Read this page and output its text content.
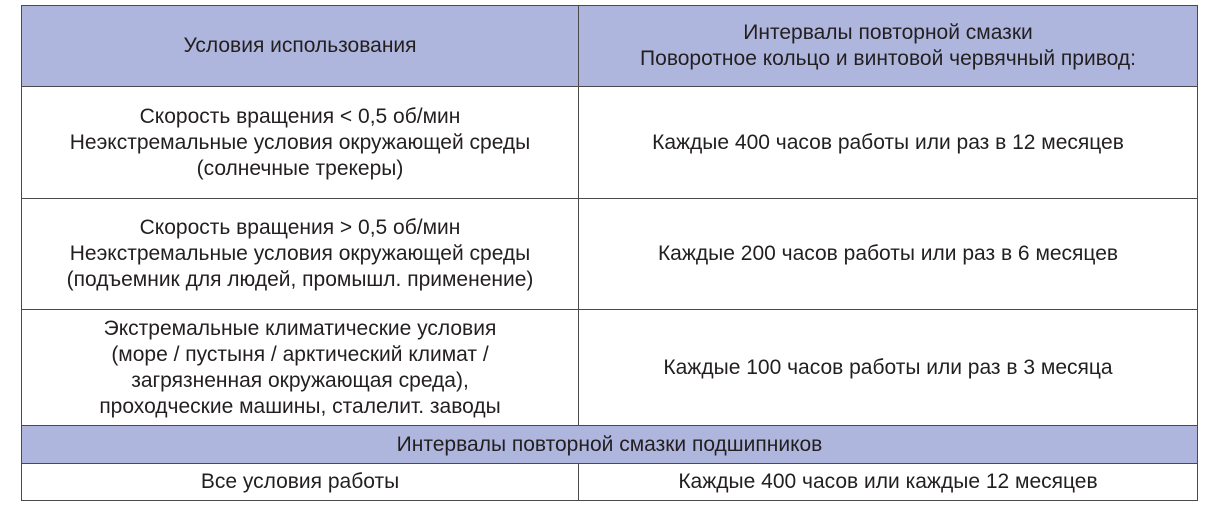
Условия использования	Интервалы повторной смазки
Поворотное кольцо и винтовой червячный привод:

Скорость вращения < 0,5 об/мин
Неэкстремальные условия окружающей среды
(солнечные трекеры)	Каждые 400 часов работы или раз в 12 месяцев

Скорость вращения > 0,5 об/мин
Неэкстремальные условия окружающей среды
(подъемник для людей, промышл. применение)	Каждые 200 часов работы или раз в 6 месяцев

Экстремальные климатические условия
(море / пустыня / арктический климат /
загрязненная окружающая среда),
проходческие машины, сталелит. заводы	Каждые 100 часов работы или раз в 3 месяца
Интервалы повторной смазки подшипников	
Все условия работы	Каждые 400 часов или каждые 12 месяцев
